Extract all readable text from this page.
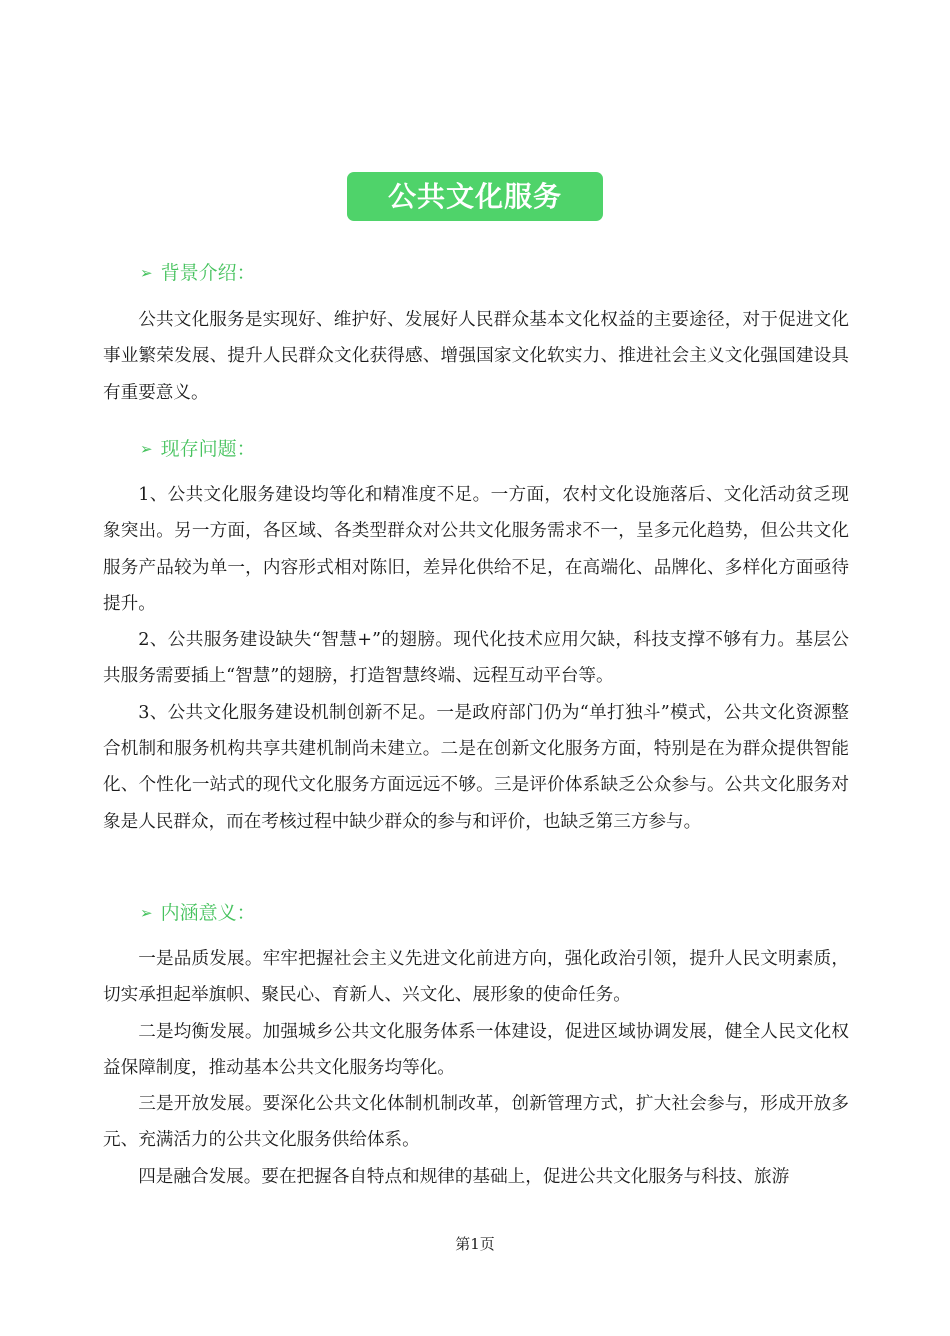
公共文化服务
➢ 背景介绍：

公共文化服务是实现好、维护好、发展好人民群众基本文化权益的主要途径，对于促进文化事业繁荣发展、提升人民群众文化获得感、增强国家文化软实力、推进社会主义文化强国建设具有重要意义。

➢ 现存问题：

1、公共文化服务建设均等化和精准度不足。一方面，农村文化设施落后、文化活动贫乏现象突出。另一方面，各区域、各类型群众对公共文化服务需求不一，呈多元化趋势，但公共文化服务产品较为单一，内容形式相对陈旧，差异化供给不足，在高端化、品牌化、多样化方面亟待提升。

2、公共服务建设缺失“智慧+”的翅膀。现代化技术应用欠缺，科技支撑不够有力。基层公共服务需要插上“智慧”的翅膀，打造智慧终端、远程互动平台等。

3、公共文化服务建设机制创新不足。一是政府部门仍为“单打独斗”模式，公共文化资源整合机制和服务机构共享共建机制尚未建立。二是在创新文化服务方面，特别是在为群众提供智能化、个性化一站式的现代文化服务方面远远不够。三是评价体系缺乏公众参与。公共文化服务对象是人民群众，而在考核过程中缺少群众的参与和评价，也缺乏第三方参与。

➢ 内涵意义：

一是品质发展。牢牢把握社会主义先进文化前进方向，强化政治引领，提升人民文明素质，切实承担起举旗帜、聚民心、育新人、兴文化、展形象的使命任务。

二是均衡发展。加强城乡公共文化服务体系一体建设，促进区域协调发展，健全人民文化权益保障制度，推动基本公共文化服务均等化。

三是开放发展。要深化公共文化体制机制改革，创新管理方式，扩大社会参与，形成开放多元、充满活力的公共文化服务供给体系。

四是融合发展。要在把握各自特点和规律的基础上，促进公共文化服务与科技、旅游

第1页
